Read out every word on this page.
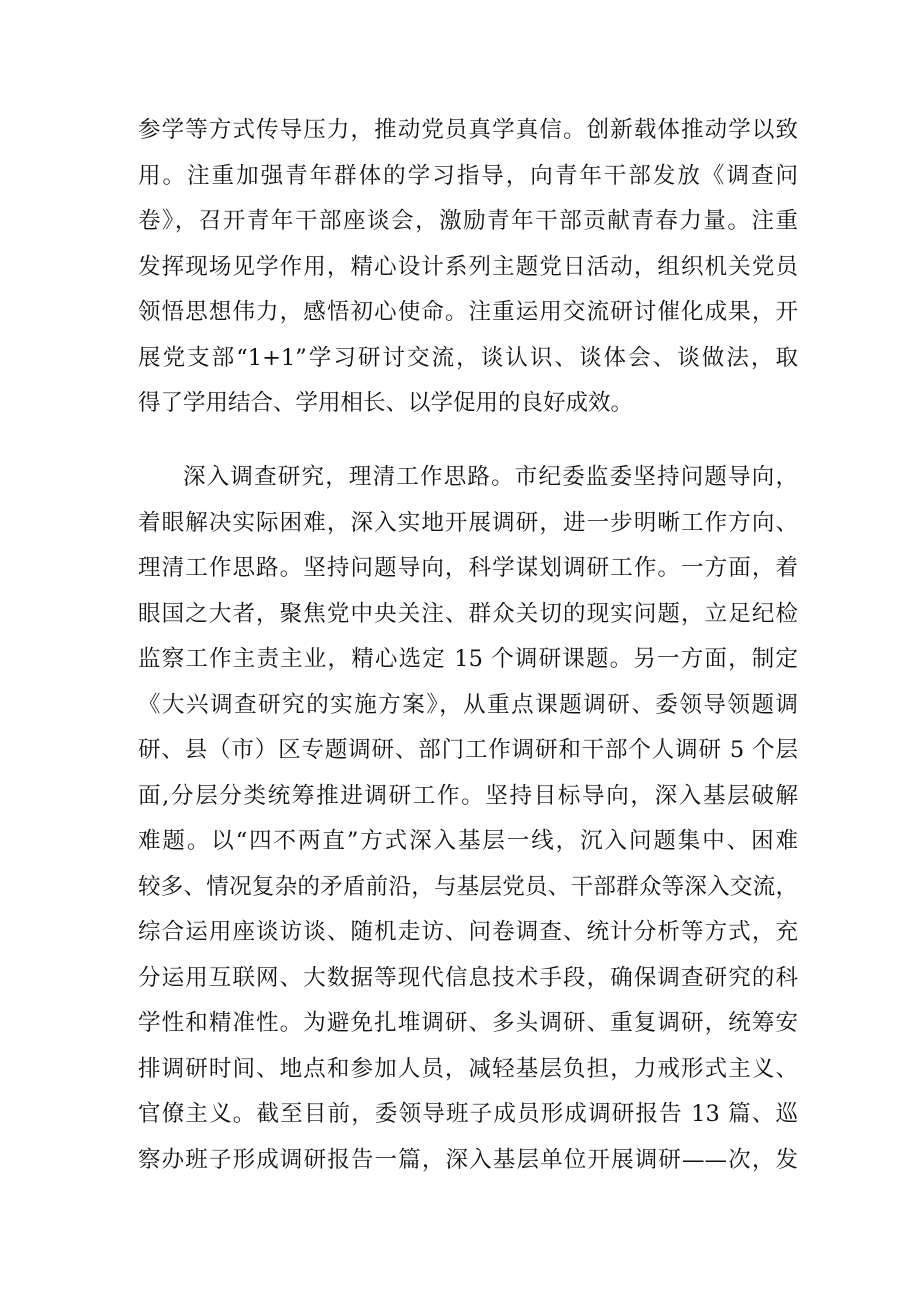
参学等方式传导压力，推动党员真学真信。创新载体推动学以致
用。注重加强青年群体的学习指导，向青年干部发放《调查问
卷》，召开青年干部座谈会，激励青年干部贡献青春力量。注重
发挥现场见学作用，精心设计系列主题党日活动，组织机关党员
领悟思想伟力，感悟初心使命。注重运用交流研讨催化成果，开
展党支部“1+1”学习研讨交流，谈认识、谈体会、谈做法，取
得了学用结合、学用相长、以学促用的良好成效。
深入调查研究，理清工作思路。市纪委监委坚持问题导向，
着眼解决实际困难，深入实地开展调研，进一步明晰工作方向、
理清工作思路。坚持问题导向，科学谋划调研工作。一方面，着
眼国之大者，聚焦党中央关注、群众关切的现实问题，立足纪检
监察工作主责主业，精心选定 15 个调研课题。另一方面，制定
《大兴调查研究的实施方案》，从重点课题调研、委领导领题调
研、县（市）区专题调研、部门工作调研和干部个人调研 5 个层
面,分层分类统筹推进调研工作。坚持目标导向，深入基层破解
难题。以“四不两直”方式深入基层一线，沉入问题集中、困难
较多、情况复杂的矛盾前沿，与基层党员、干部群众等深入交流，
综合运用座谈访谈、随机走访、问卷调查、统计分析等方式，充
分运用互联网、大数据等现代信息技术手段，确保调查研究的科
学性和精准性。为避免扎堆调研、多头调研、重复调研，统筹安
排调研时间、地点和参加人员，减轻基层负担，力戒形式主义、
官僚主义。截至目前，委领导班子成员形成调研报告 13 篇、巡
察办班子形成调研报告一篇，深入基层单位开展调研——次，发
